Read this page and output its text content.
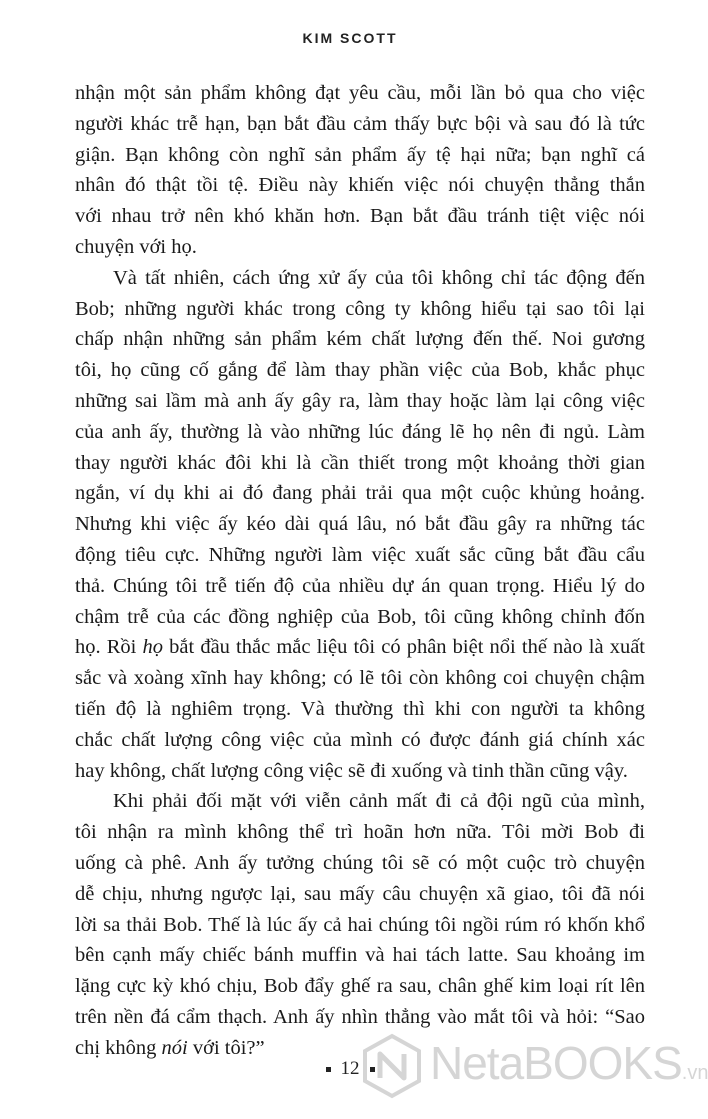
KIM SCOTT
nhận một sản phẩm không đạt yêu cầu, mỗi lần bỏ qua cho việc
người khác trễ hạn, bạn bắt đầu cảm thấy bực bội và sau đó là tức
giận. Bạn không còn nghĩ sản phẩm ấy tệ hại nữa; bạn nghĩ cá
nhân đó thật tồi tệ. Điều này khiến việc nói chuyện thẳng thắn
với nhau trở nên khó khăn hơn. Bạn bắt đầu tránh tiệt việc nói
chuyện với họ.
Và tất nhiên, cách ứng xử ấy của tôi không chỉ tác động đến
Bob; những người khác trong công ty không hiểu tại sao tôi lại
chấp nhận những sản phẩm kém chất lượng đến thế. Noi gương
tôi, họ cũng cố gắng để làm thay phần việc của Bob, khắc phục
những sai lầm mà anh ấy gây ra, làm thay hoặc làm lại công việc
của anh ấy, thường là vào những lúc đáng lẽ họ nên đi ngủ. Làm
thay người khác đôi khi là cần thiết trong một khoảng thời gian
ngắn, ví dụ khi ai đó đang phải trải qua một cuộc khủng hoảng.
Nhưng khi việc ấy kéo dài quá lâu, nó bắt đầu gây ra những tác
động tiêu cực. Những người làm việc xuất sắc cũng bắt đầu cẩu
thả. Chúng tôi trễ tiến độ của nhiều dự án quan trọng. Hiểu lý do
chậm trễ của các đồng nghiệp của Bob, tôi cũng không chỉnh đốn
họ. Rồi họ bắt đầu thắc mắc liệu tôi có phân biệt nổi thế nào là xuất
sắc và xoàng xĩnh hay không; có lẽ tôi còn không coi chuyện chậm
tiến độ là nghiêm trọng. Và thường thì khi con người ta không
chắc chất lượng công việc của mình có được đánh giá chính xác
hay không, chất lượng công việc sẽ đi xuống và tinh thần cũng vậy.
Khi phải đối mặt với viễn cảnh mất đi cả đội ngũ của mình,
tôi nhận ra mình không thể trì hoãn hơn nữa. Tôi mời Bob đi
uống cà phê. Anh ấy tưởng chúng tôi sẽ có một cuộc trò chuyện
dễ chịu, nhưng ngược lại, sau mấy câu chuyện xã giao, tôi đã nói
lời sa thải Bob. Thế là lúc ấy cả hai chúng tôi ngồi rúm ró khốn khổ
bên cạnh mấy chiếc bánh muffin và hai tách latte. Sau khoảng im
lặng cực kỳ khó chịu, Bob đẩy ghế ra sau, chân ghế kim loại rít lên
trên nền đá cẩm thạch. Anh ấy nhìn thẳng vào mắt tôi và hỏi: “Sao
chị không nói với tôi?”
12	NetaBOOKS.vn
